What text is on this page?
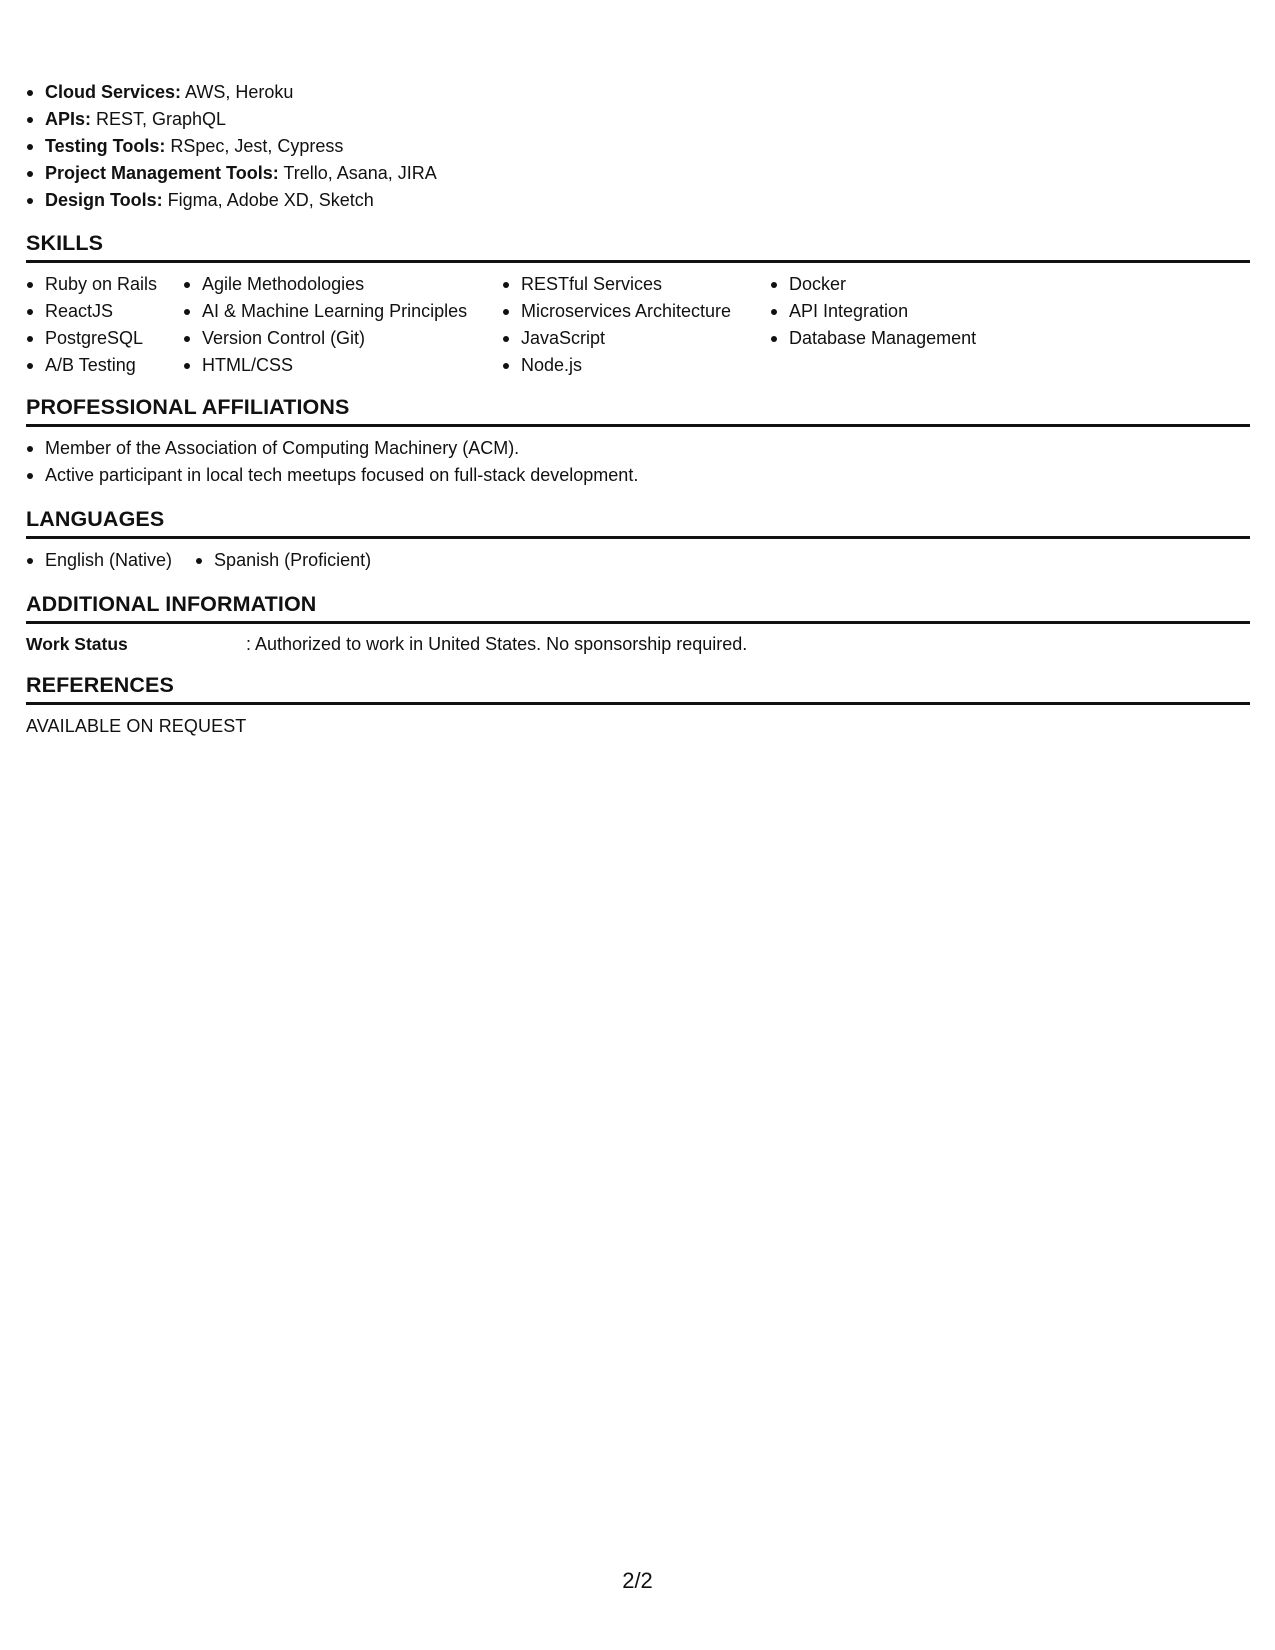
Cloud Services: AWS, Heroku
APIs: REST, GraphQL
Testing Tools: RSpec, Jest, Cypress
Project Management Tools: Trello, Asana, JIRA
Design Tools: Figma, Adobe XD, Sketch
SKILLS
Ruby on Rails
ReactJS
PostgreSQL
A/B Testing
Agile Methodologies
AI & Machine Learning Principles
Version Control (Git)
HTML/CSS
RESTful Services
Microservices Architecture
JavaScript
Node.js
Docker
API Integration
Database Management
PROFESSIONAL AFFILIATIONS
Member of the Association of Computing Machinery (ACM).
Active participant in local tech meetups focused on full-stack development.
LANGUAGES
English (Native)	Spanish (Proficient)
ADDITIONAL INFORMATION
Work Status	: Authorized to work in United States. No sponsorship required.
REFERENCES
AVAILABLE ON REQUEST
2/2
